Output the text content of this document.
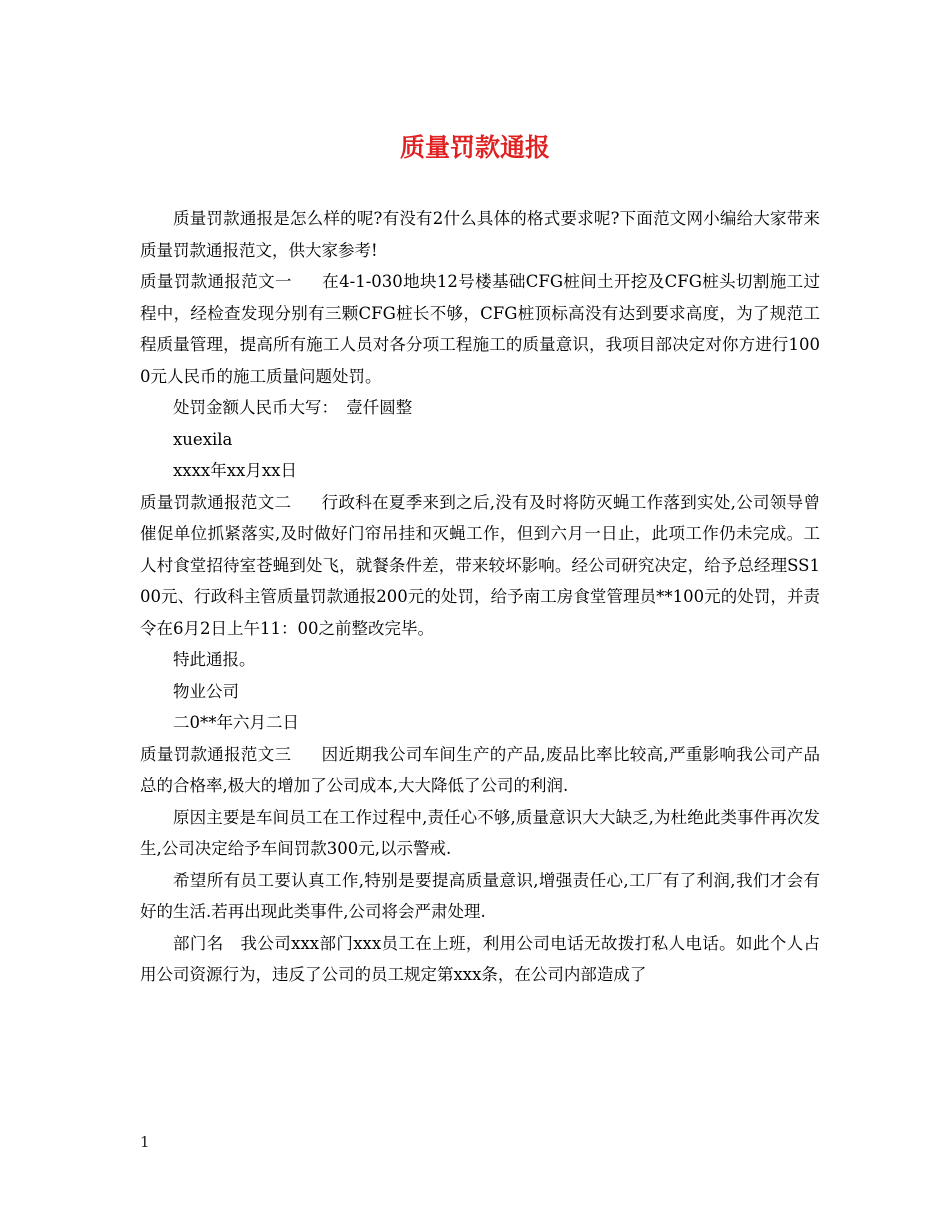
质量罚款通报

质量罚款通报是怎么样的呢?有没有2什么具体的格式要求呢?下面范文网小编给大家带来质量罚款通报范文，供大家参考!

质量罚款通报范文一 在4-1-030地块12号楼基础CFG桩间土开挖及CFG桩头切割施工过程中，经检查发现分别有三颗CFG桩长不够，CFG桩顶标高没有达到要求高度，为了规范工程质量管理，提高所有施工人员对各分项工程施工的质量意识，我项目部决定对你方进行1000元人民币的施工质量问题处罚。

处罚金额人民币大写：　壹仟圆整

xuexila

xxxx年xx月xx日

质量罚款通报范文二 行政科在夏季来到之后,没有及时将防灭蝇工作落到实处,公司领导曾催促单位抓紧落实,及时做好门帘吊挂和灭蝇工作，但到六月一日止，此项工作仍未完成。工人村食堂招待室苍蝇到处飞，就餐条件差，带来较坏影响。经公司研究决定，给予总经理SS100元、行政科主管质量罚款通报200元的处罚，给予南工房食堂管理员**100元的处罚，并责令在6月2日上午11：00之前整改完毕。

特此通报。

物业公司

二0**年六月二日

质量罚款通报范文三 因近期我公司车间生产的产品,废品比率比较高,严重影响我公司产品总的合格率,极大的增加了公司成本,大大降低了公司的利润.

原因主要是车间员工在工作过程中,责任心不够,质量意识大大缺乏,为杜绝此类事件再次发生,公司决定给予车间罚款300元,以示警戒.

希望所有员工要认真工作,特别是要提高质量意识,增强责任心,工厂有了利润,我们才会有好的生活.若再出现此类事件,公司将会严肃处理.

部门名　我公司xxx部门xxx员工在上班，利用公司电话无故拨打私人电话。如此个人占用公司资源行为，违反了公司的员工规定第xxx条，在公司内部造成了

1
